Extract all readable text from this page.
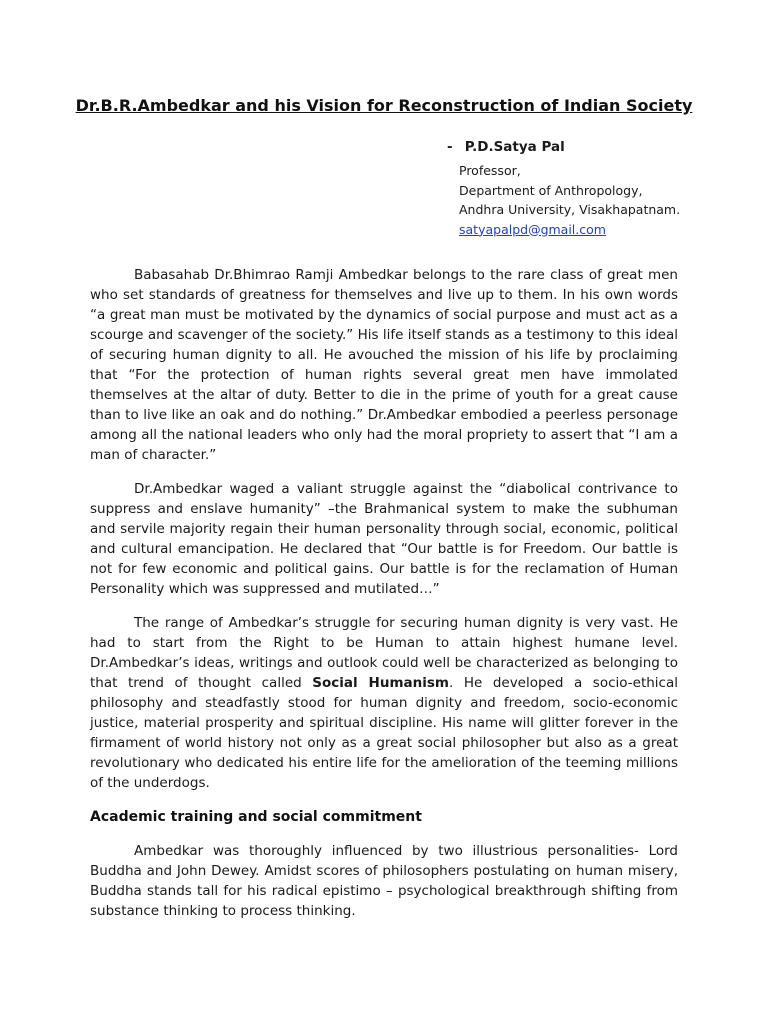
Dr.B.R.Ambedkar and his Vision for Reconstruction of Indian Society
- P.D.Satya Pal
Professor,
Department of Anthropology,
Andhra University, Visakhapatnam.
satyapalpd@gmail.com

Babasahab Dr.Bhimrao Ramji Ambedkar belongs to the rare class of great men who set standards of greatness for themselves and live up to them. In his own words “a great man must be motivated by the dynamics of social purpose and must act as a scourge and scavenger of the society.” His life itself stands as a testimony to this ideal of securing human dignity to all. He avouched the mission of his life by proclaiming that “For the protection of human rights several great men have immolated themselves at the altar of duty. Better to die in the prime of youth for a great cause than to live like an oak and do nothing.” Dr.Ambedkar embodied a peerless personage among all the national leaders who only had the moral propriety to assert that “I am a man of character.”

Dr.Ambedkar waged a valiant struggle against the “diabolical contrivance to suppress and enslave humanity” –the Brahmanical system to make the subhuman and servile majority regain their human personality through social, economic, political and cultural emancipation. He declared that “Our battle is for Freedom. Our battle is not for few economic and political gains. Our battle is for the reclamation of Human Personality which was suppressed and mutilated…”

The range of Ambedkar’s struggle for securing human dignity is very vast. He had to start from the Right to be Human to attain highest humane level. Dr.Ambedkar’s ideas, writings and outlook could well be characterized as belonging to that trend of thought called Social Humanism. He developed a socio-ethical philosophy and steadfastly stood for human dignity and freedom, socio-economic justice, material prosperity and spiritual discipline. His name will glitter forever in the firmament of world history not only as a great social philosopher but also as a great revolutionary who dedicated his entire life for the amelioration of the teeming millions of the underdogs.

Academic training and social commitment

Ambedkar was thoroughly influenced by two illustrious personalities- Lord Buddha and John Dewey. Amidst scores of philosophers postulating on human misery, Buddha stands tall for his radical epistimo – psychological breakthrough shifting from substance thinking to process thinking.
